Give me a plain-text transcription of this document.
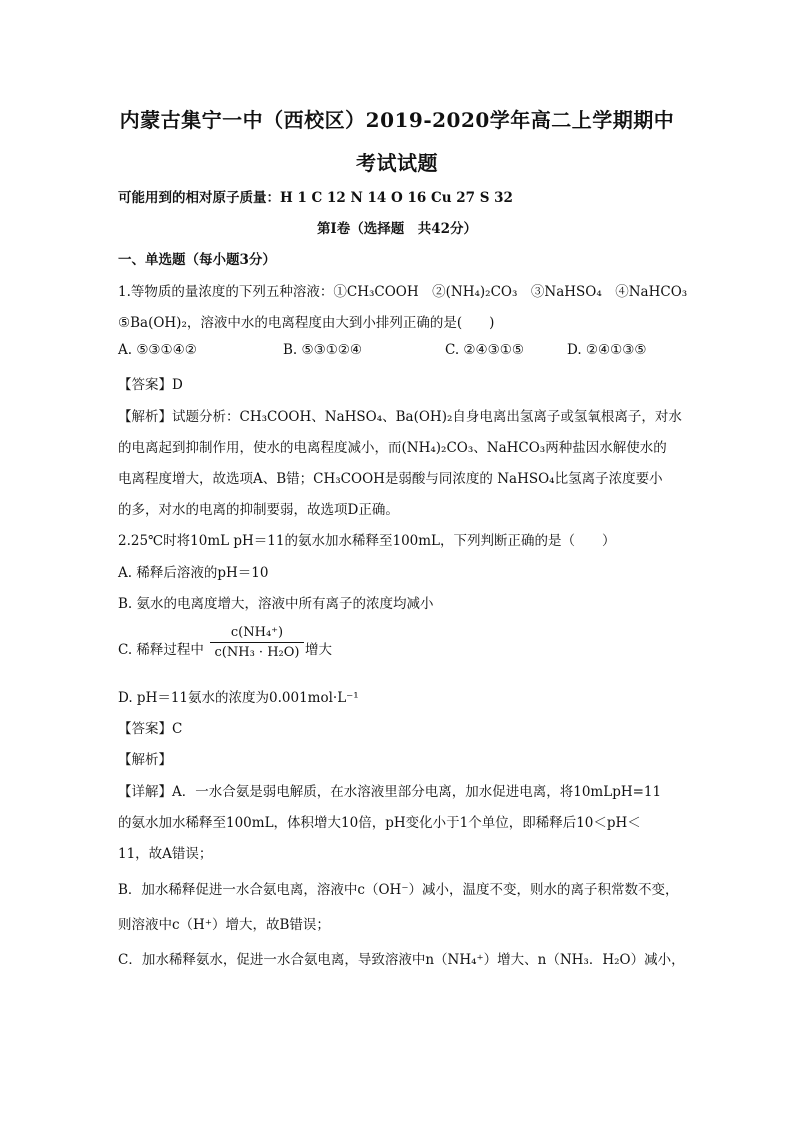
内蒙古集宁一中（西校区）2019-2020学年高二上学期期中
考试试题
可能用到的相对原子质量：H 1 C 12 N 14 O 16 Cu 27 S 32
第Ⅰ卷（选择题　共42分）
一、单选题（每小题3分）
1.等物质的量浓度的下列五种溶液：①CH₃COOH　②(NH₄)₂CO₃　③NaHSO₄　④NaHCO₃
⑤Ba(OH)₂，溶液中水的电离程度由大到小排列正确的是(　　)
A. ⑤③①④②	B. ⑤③①②④	C. ②④③①⑤	D. ②④①③⑤
【答案】D
【解析】试题分析：CH₃COOH、NaHSO₄、Ba(OH)₂自身电离出氢离子或氢氧根离子，对水
的电离起到抑制作用，使水的电离程度减小，而(NH₄)₂CO₃、NaHCO₃两种盐因水解使水的
电离程度增大，故选项A、B错；CH₃COOH是弱酸与同浓度的 NaHSO₄比氢离子浓度要小
的多，对水的电离的抑制要弱，故选项D正确。
2.25℃时将10mL pH＝11的氨水加水稀释至100mL，下列判断正确的是（　　）
A. 稀释后溶液的pH＝10
B. 氨水的电离度增大，溶液中所有离子的浓度均减小
C. 稀释过程中
c(NH₄⁺)
c(NH₃ · H₂O) 增大
D. pH＝11氨水的浓度为0.001mol·L⁻¹
【答案】C
【解析】
【详解】A．一水合氨是弱电解质，在水溶液里部分电离，加水促进电离，将10mLpH=11
的氨水加水稀释至100mL，体积增大10倍，pH变化小于1个单位，即稀释后10＜pH＜
11，故A错误；
B．加水稀释促进一水合氨电离，溶液中c（OH⁻）减小，温度不变，则水的离子积常数不变，
则溶液中c（H⁺）增大，故B错误；
C．加水稀释氨水，促进一水合氨电离，导致溶液中n（NH₄⁺）增大、n（NH₃．H₂O）减小，
